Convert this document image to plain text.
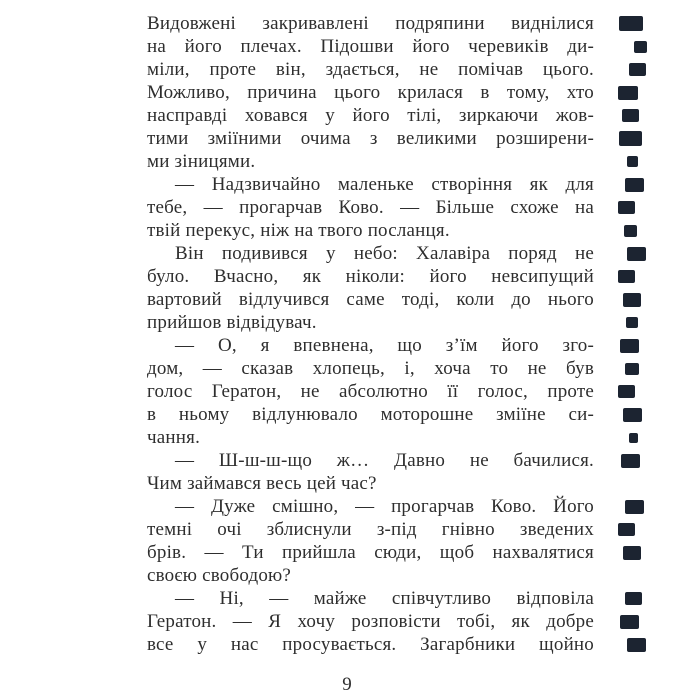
Видовжені закривавлені подряпини виднілися
на його плечах. Підошви його черевиків ди-
міли, проте він, здається, не помічав цього.
Можливо, причина цього крилася в тому, хто
насправді ховався у його тілі, зиркаючи жов-
тими зміїними очима з великими розширени-
ми зіницями.
— Надзвичайно маленьке створіння як для
тебе, — прогарчав Ково. — Більше схоже на
твій перекус, ніж на твого посланця.
Він подивився у небо: Халавіра поряд не
було. Вчасно, як ніколи: його невсипущий
вартовий відлучився саме тоді, коли до нього
прийшов відвідувач.
— О, я впевнена, що з’їм його зго-
дом, — сказав хлопець, і, хоча то не був
голос Гератон, не абсолютно її голос, проте
в ньому відлунювало моторошне зміїне си-
чання.
— Ш-ш-ш-що ж… Давно не бачилися.
Чим займався весь цей час?
— Дуже смішно, — прогарчав Ково. Його
темні очі зблиснули з-під гнівно зведених
брів. — Ти прийшла сюди, щоб нахвалятися
своєю свободою?
— Ні, — майже співчутливо відповіла
Гератон. — Я хочу розповісти тобі, як добре
все у нас просувається. Загарбники щойно
9
